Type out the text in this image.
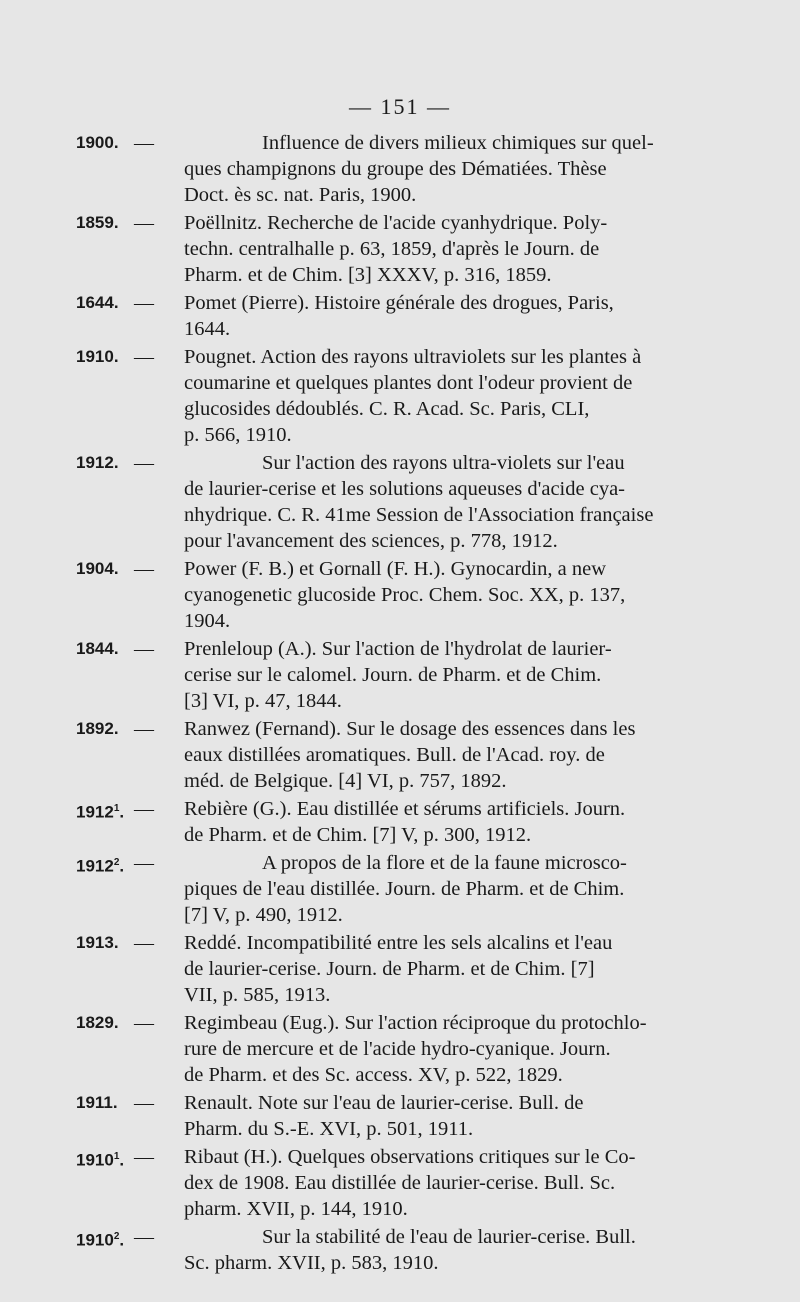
— 151 —
1900. —	Influence de divers milieux chimiques sur quel-
ques champignons du groupe des Dématiées. Thèse
Doct. ès sc. nat. Paris, 1900.
1859. — Poëllnitz. Recherche de l'acide cyanhydrique. Poly-
techn. centralhalle p. 63, 1859, d'après le Journ. de
Pharm. et de Chim. [3] XXXV, p. 316, 1859.
1644. — Pomet (Pierre). Histoire générale des drogues, Paris,
1644.
1910. — Pougnet. Action des rayons ultraviolets sur les plantes à
coumarine et quelques plantes dont l'odeur provient de
glucosides dédoublés. C. R. Acad. Sc. Paris, CLI,
p. 566, 1910.
1912. —	Sur l'action des rayons ultra-violets sur l'eau
de laurier-cerise et les solutions aqueuses d'acide cya-
nhydrique. C. R. 41me Session de l'Association française
pour l'avancement des sciences, p. 778, 1912.
1904. — Power (F. B.) et Gornall (F. H.). Gynocardin, a new
cyanogenetic glucoside Proc. Chem. Soc. XX, p. 137,
1904.
1844. — Prenleloup (A.). Sur l'action de l'hydrolat de laurier-
cerise sur le calomel. Journ. de Pharm. et de Chim.
[3] VI, p. 47, 1844.
1892. — Ranwez (Fernand). Sur le dosage des essences dans les
eaux distillées aromatiques. Bull. de l'Acad. roy. de
méd. de Belgique. [4] VI, p. 757, 1892.
1912$^1$. — Rebière (G.). Eau distillée et sérums artificiels. Journ.
de Pharm. et de Chim. [7] V, p. 300, 1912.
1912$^2$. —	A propos de la flore et de la faune microsco-
piques de l'eau distillée. Journ. de Pharm. et de Chim.
[7] V, p. 490, 1912.
1913. — Reddé. Incompatibilité entre les sels alcalins et l'eau
de laurier-cerise. Journ. de Pharm. et de Chim. [7]
VII, p. 585, 1913.
1829. — Regimbeau (Eug.). Sur l'action réciproque du protochlo-
rure de mercure et de l'acide hydro-cyanique. Journ.
de Pharm. et des Sc. access. XV, p. 522, 1829.
1911. — Renault. Note sur l'eau de laurier-cerise. Bull. de
Pharm. du S.-E. XVI, p. 501, 1911.
1910$^1$. — Ribaut (H.). Quelques observations critiques sur le Co-
dex de 1908. Eau distillée de laurier-cerise. Bull. Sc.
pharm. XVII, p. 144, 1910.
1910$^2$. —	Sur la stabilité de l'eau de laurier-cerise. Bull.
Sc. pharm. XVII, p. 583, 1910.
